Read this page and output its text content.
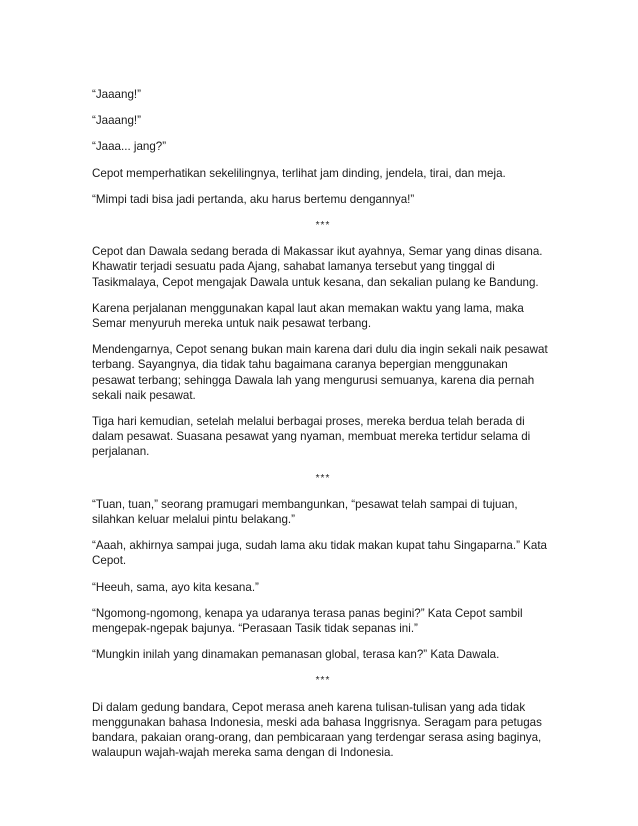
“Jaaang!”

“Jaaang!”

“Jaaa... jang?”

Cepot memperhatikan sekelilingnya, terlihat jam dinding, jendela, tirai, dan meja.

“Mimpi tadi bisa jadi pertanda, aku harus bertemu dengannya!”

***

Cepot dan Dawala sedang berada di Makassar ikut ayahnya, Semar yang dinas disana. Khawatir terjadi sesuatu pada Ajang, sahabat lamanya tersebut yang tinggal di Tasikmalaya, Cepot mengajak Dawala untuk kesana, dan sekalian pulang ke Bandung.

Karena perjalanan menggunakan kapal laut akan memakan waktu yang lama, maka Semar menyuruh mereka untuk naik pesawat terbang.

Mendengarnya, Cepot senang bukan main karena dari dulu dia ingin sekali naik pesawat terbang. Sayangnya, dia tidak tahu bagaimana caranya bepergian menggunakan pesawat terbang; sehingga Dawala lah yang mengurusi semuanya, karena dia pernah sekali naik pesawat.

Tiga hari kemudian, setelah melalui berbagai proses, mereka berdua telah berada di dalam pesawat. Suasana pesawat yang nyaman, membuat mereka tertidur selama di perjalanan.

***

“Tuan, tuan,” seorang pramugari membangunkan, “pesawat telah sampai di tujuan, silahkan keluar melalui pintu belakang.”

“Aaah, akhirnya sampai juga, sudah lama aku tidak makan kupat tahu Singaparna.” Kata Cepot.

“Heeuh, sama, ayo kita kesana.”

“Ngomong-ngomong, kenapa ya udaranya terasa panas begini?” Kata Cepot sambil mengepak-ngepak bajunya. “Perasaan Tasik tidak sepanas ini.”

“Mungkin inilah yang dinamakan pemanasan global, terasa kan?” Kata Dawala.

***

Di dalam gedung bandara, Cepot merasa aneh karena tulisan-tulisan yang ada tidak menggunakan bahasa Indonesia, meski ada bahasa Inggrisnya. Seragam para petugas bandara, pakaian orang-orang, dan pembicaraan yang terdengar serasa asing baginya, walaupun wajah-wajah mereka sama dengan di Indonesia.
